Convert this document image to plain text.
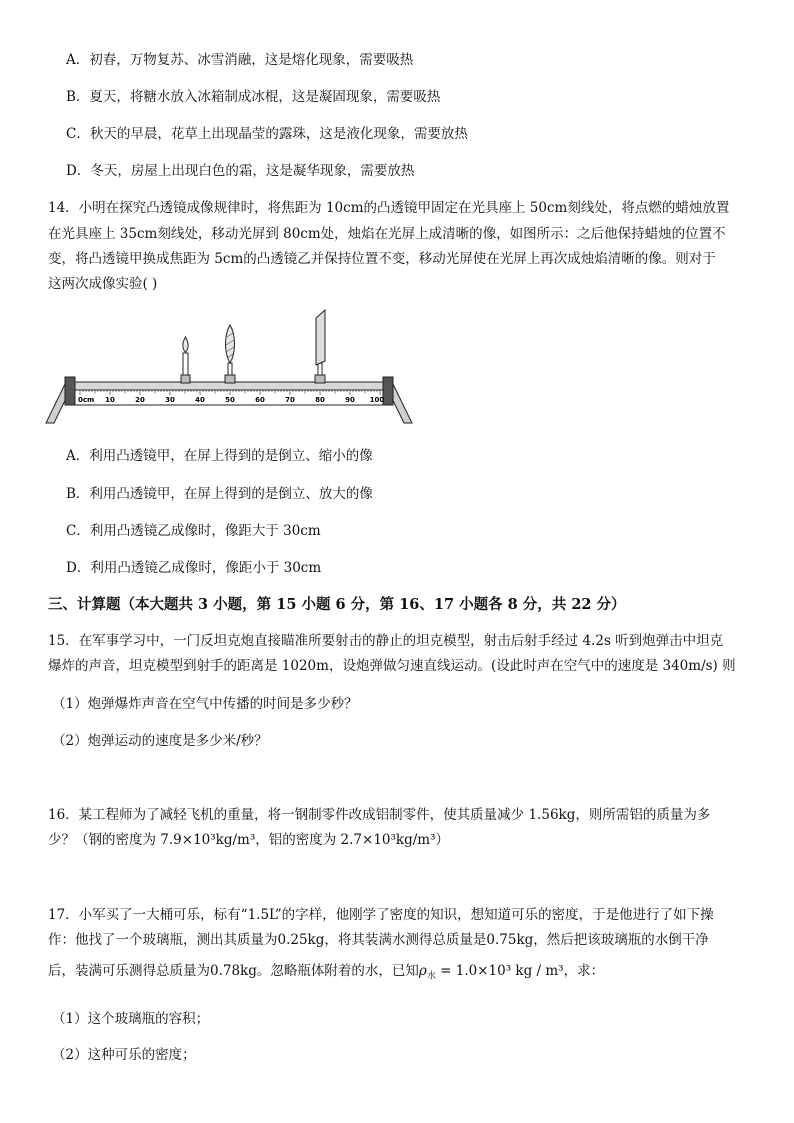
A．初春，万物复苏、冰雪消融，这是熔化现象，需要吸热
B．夏天，将糖水放入冰箱制成冰棍，这是凝固现象，需要吸热
C．秋天的早晨，花草上出现晶莹的露珠，这是液化现象，需要放热
D．冬天，房屋上出现白色的霜，这是凝华现象，需要放热
14．小明在探究凸透镜成像规律时，将焦距为 10cm的凸透镜甲固定在光具座上 50cm刻线处，将点燃的蜡烛放置
在光具座上 35cm刻线处，移动光屏到 80cm处，烛焰在光屏上成清晰的像，如图所示：之后他保持蜡烛的位置不
变，将凸透镜甲换成焦距为 5cm的凸透镜乙并保持位置不变，移动光屏使在光屏上再次成烛焰清晰的像。则对于
这两次成像实验( )
0cm 10	20	30	40	50	60	70	80	90 100
A．利用凸透镜甲，在屏上得到的是倒立、缩小的像
B．利用凸透镜甲，在屏上得到的是倒立、放大的像
C．利用凸透镜乙成像时，像距大于 30cm
D．利用凸透镜乙成像时，像距小于 30cm
三、计算题（本大题共 3 小题，第 15 小题 6 分，第 16、17 小题各 8 分，共 22 分）
15．在军事学习中，一门反坦克炮直接瞄准所要射击的静止的坦克模型，射击后射手经过 4.2s 听到炮弹击中坦克
爆炸的声音，坦克模型到射手的距离是 1020m，设炮弹做匀速直线运动。(设此时声在空气中的速度是 340m/s) 则
（1）炮弹爆炸声音在空气中传播的时间是多少秒？
（2）炮弹运动的速度是多少米/秒？
16．某工程师为了减轻飞机的重量，将一钢制零件改成铝制零件，使其质量减少 1.56kg，则所需铝的质量为多
少？（钢的密度为 7.9×10³kg/m³，铝的密度为 2.7×10³kg/m³）
17．小军买了一大桶可乐，标有“1.5L”的字样，他刚学了密度的知识，想知道可乐的密度，于是他进行了如下操
作：他找了一个玻璃瓶，测出其质量为0.25kg，将其装满水测得总质量是0.75kg，然后把该玻璃瓶的水倒干净
后，装满可乐测得总质量为0.78kg。忽略瓶体附着的水，已知$\rho_水 = 1.0\times 10^3$ kg / m³，求：
（1）这个玻璃瓶的容积；
（2）这种可乐的密度；
